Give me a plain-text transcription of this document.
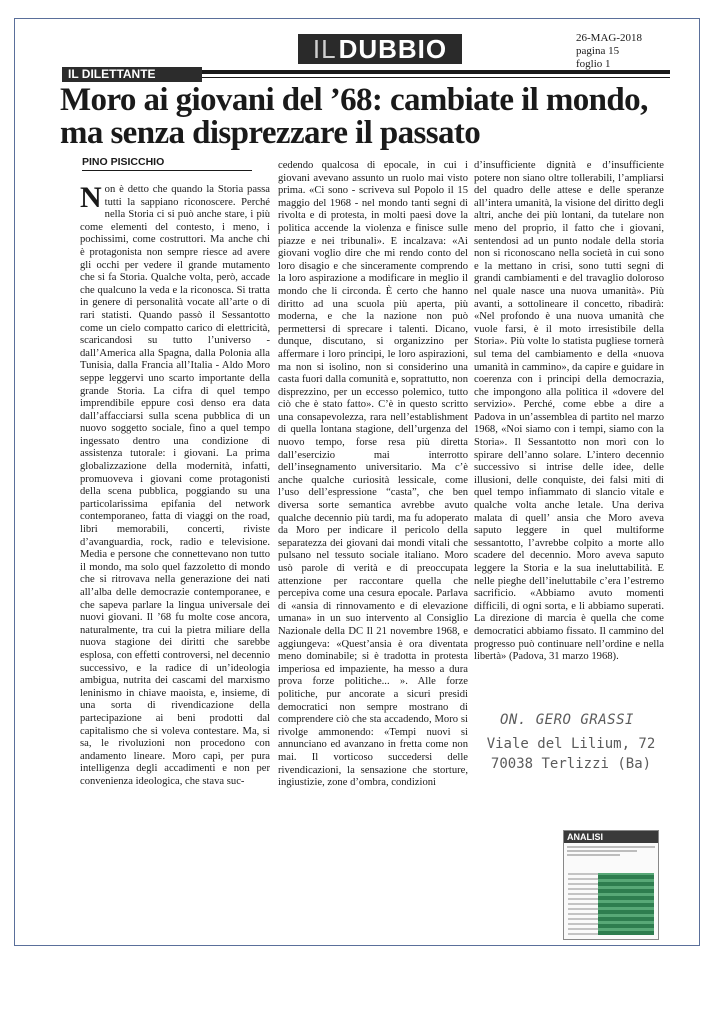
IL DUBBIO	26-MAG-2018
pagina 15
foglio 1
IL DILETTANTE
Moro ai giovani del ’68: cambiate il mondo, ma senza disprezzare il passato
PINO PISICCHIO

Non è detto che quando la Storia passa tutti la sappiano riconoscere. Perché nella Storia ci si può anche stare, i più come elementi del contesto, i meno, i pochissimi, come costruttori. Ma anche chi è protagonista non sempre riesce ad avere gli occhi per vedere il grande mutamento che si fa Storia. Qualche volta, però, accade che qualcuno la veda e la riconosca. Si tratta in genere di personalità vocate all’arte o di rari statisti. Quando passò il Sessantotto come un cielo compatto carico di elettricità, scaricandosi su tutto l’universo - dall’America alla Spagna, dalla Polonia alla Tunisia, dalla Francia all’Italia - Aldo Moro seppe leggervi uno scarto importante della grande Storia. La cifra di quel tempo imprendibile eppure così denso era data dall’affacciarsi sulla scena pubblica di un nuovo soggetto sociale, fino a quel tempo ingessato dentro una condizione di assistenza tutorale: i giovani. La prima globalizzazione della modernità, infatti, promuoveva i giovani come protagonisti della scena pubblica, poggiando su una particolarissima epifania del network contemporaneo, fatta di viaggi on the road, libri memorabili, concerti, riviste d’avanguardia, rock, radio e televisione. Media e persone che connettevano non tutto il mondo, ma solo quel fazzoletto di mondo che si ritrovava nella generazione dei nati all’alba delle democrazie contemporanee, e che sapeva parlare la lingua universale dei nuovi giovani. Il ’68 fu molte cose ancora, naturalmente, tra cui la pietra miliare della nuova stagione dei diritti che sarebbe esplosa, con effetti controversi, nel decennio successivo, e la radice di un’ideologia ambigua, nutrita dei cascami del marxismo leninismo in chiave maoista, e, insieme, di una sorta di rivendicazione della partecipazione ai beni prodotti dal capitalismo che si voleva contestare. Ma, si sa, le rivoluzioni non procedono con andamento lineare. Moro capì, per pura intelligenza degli accadimenti e non per convenienza ideologica, che stava suc-

cedendo qualcosa di epocale, in cui i giovani avevano assunto un ruolo mai visto prima. «Ci sono - scriveva sul Popolo il 15 maggio del 1968 - nel mondo tanti segni di rivolta e di protesta, in molti paesi dove la politica accende la violenza e finisce sulle piazze e nei tribunali». E incalzava: «Ai giovani voglio dire che mi rendo conto del loro disagio e che sinceramente comprendo la loro aspirazione a modificare in meglio il mondo che li circonda. È certo che hanno diritto ad una scuola più aperta, più moderna, e che la nazione non può permettersi di sprecare i talenti. Dicano, dunque, discutano, si organizzino per affermare i loro principi, le loro aspirazioni, ma non si isolino, non si considerino una casta fuori dalla comunità e, soprattutto, non disprezzino, per un eccesso polemico, tutto ciò che è stato fatto». C’è in questo scritto una consapevolezza, rara nell’establishment di quella lontana stagione, dell’urgenza del nuovo tempo, forse resa più diretta dall’esercizio mai interrotto dell’insegnamento universitario. Ma c’è anche qualche curiosità lessicale, come l’uso dell’espressione “casta”, che ben diversa sorte semantica avrebbe avuto qualche decennio più tardi, ma fu adoperato da Moro per indicare il pericolo della separatezza dei giovani dai mondi vitali che pulsano nel tessuto sociale italiano. Moro usò parole di verità e di preoccupata attenzione per raccontare quella che percepiva come una cesura epocale. Parlava di «ansia di rinnovamento e di elevazione umana» in un suo intervento al Consiglio Nazionale della DC Il 21 novembre 1968, e aggiungeva: «Quest’ansia è ora diventata meno dominabile; si è tradotta in protesta imperiosa ed impaziente, ha messo a dura prova forze politiche... ». Alle forze politiche, pur ancorate a sicuri presidi democratici non sempre mostrano di comprendere ciò che sta accadendo, Moro si rivolge ammonendo: «Tempi nuovi si annunciano ed avanzano in fretta come non mai. Il vorticoso succedersi delle rivendicazioni, la sensazione che storture, ingiustizie, zone d’ombra, condizioni

d’insufficiente dignità e d’insufficiente potere non siano oltre tollerabili, l’ampliarsi del quadro delle attese e delle speranze all’intera umanità, la visione del diritto degli altri, anche dei più lontani, da tutelare non meno del proprio, il fatto che i giovani, sentendosi ad un punto nodale della storia non si riconoscano nella società in cui sono e la mettano in crisi, sono tutti segni di grandi cambiamenti e del travaglio doloroso nel quale nasce una nuova umanità». Più avanti, a sottolineare il concetto, ribadirà: «Nel profondo è una nuova umanità che vuole farsi, è il moto irresistibile della Storia». Più volte lo statista pugliese tornerà sul tema del cambiamento e della «nuova umanità in cammino», da capire e guidare in coerenza con i principi della democrazia, che impongono alla politica il «dovere del servizio». Perché, come ebbe a dire a Padova in un’assemblea di partito nel marzo 1968, «Noi siamo con i tempi, siamo con la Storia». Il Sessantotto non morì con lo spirare dell’anno solare. L’intero decennio successivo si intrise delle idee, delle illusioni, delle conquiste, dei falsi miti di quel tempo infiammato di slancio vitale e qualche volta anche letale. Una deriva malata di quell’ ansia che Moro aveva saputo leggere in quel multiforme sessantotto, l’avrebbe colpito a morte allo scadere del decennio. Moro aveva saputo leggere la Storia e la sua ineluttabilità. E nelle pieghe dell’ineluttabile c’era l’estremo sacrificio. «Abbiamo avuto momenti difficili, di ogni sorta, e li abbiamo superati. La direzione di marcia è quella che come democratici abbiamo fissato. Il cammino del progresso può continuare nell’ordine e nella libertà» (Padova, 31 marzo 1968).

ON. GERO GRASSI
Viale del Lilium, 72
70038 Terlizzi (Ba)
ANALISI
